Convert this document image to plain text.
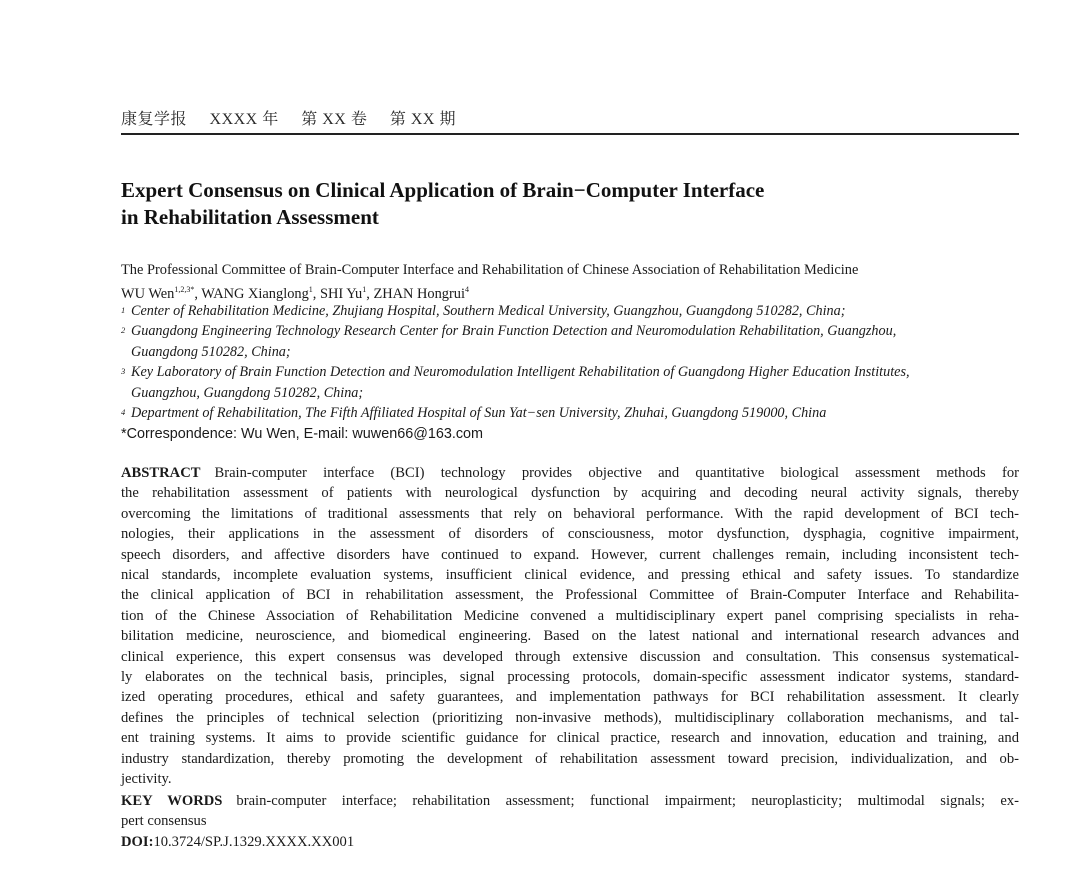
康复学报 XXXX 年 第 XX 卷 第 XX 期
Expert Consensus on Clinical Application of Brain−Computer Interface
in Rehabilitation Assessment
The Professional Committee of Brain-Computer Interface and Rehabilitation of Chinese Association of Rehabilitation Medicine
WU Wen$^{1,2,3*}$, WANG Xianglong$^1$, SHI Yu$^1$, ZHAN Hongrui$^4$
1 Center of Rehabilitation Medicine, Zhujiang Hospital, Southern Medical University, Guangzhou, Guangdong 510282, China;
2 Guangdong Engineering Technology Research Center for Brain Function Detection and Neuromodulation Rehabilitation, Guangzhou,
Guangdong 510282, China;
3 Key Laboratory of Brain Function Detection and Neuromodulation Intelligent Rehabilitation of Guangdong Higher Education Institutes,
Guangzhou, Guangdong 510282, China;
4 Department of Rehabilitation, The Fifth Affiliated Hospital of Sun Yat−sen University, Zhuhai, Guangdong 519000, China
*Correspondence: Wu Wen, E-mail: wuwen66@163.com
ABSTRACT Brain-computer interface (BCI) technology provides objective and quantitative biological assessment methods for
the rehabilitation assessment of patients with neurological dysfunction by acquiring and decoding neural activity signals, thereby
overcoming the limitations of traditional assessments that rely on behavioral performance. With the rapid development of BCI tech-
nologies, their applications in the assessment of disorders of consciousness, motor dysfunction, dysphagia, cognitive impairment,
speech disorders, and affective disorders have continued to expand. However, current challenges remain, including inconsistent tech-
nical standards, incomplete evaluation systems, insufficient clinical evidence, and pressing ethical and safety issues. To standardize
the clinical application of BCI in rehabilitation assessment, the Professional Committee of Brain-Computer Interface and Rehabilita-
tion of the Chinese Association of Rehabilitation Medicine convened a multidisciplinary expert panel comprising specialists in reha-
bilitation medicine, neuroscience, and biomedical engineering. Based on the latest national and international research advances and
clinical experience, this expert consensus was developed through extensive discussion and consultation. This consensus systematical-
ly elaborates on the technical basis, principles, signal processing protocols, domain-specific assessment indicator systems, standard-
ized operating procedures, ethical and safety guarantees, and implementation pathways for BCI rehabilitation assessment. It clearly
defines the principles of technical selection (prioritizing non-invasive methods), multidisciplinary collaboration mechanisms, and tal-
ent training systems. It aims to provide scientific guidance for clinical practice, research and innovation, education and training, and
industry standardization, thereby promoting the development of rehabilitation assessment toward precision, individualization, and ob-
jectivity.
KEY WORDS brain-computer interface; rehabilitation assessment; functional impairment; neuroplasticity; multimodal signals; ex-
pert consensus
DOI:10.3724/SP.J.1329.XXXX.XX001
